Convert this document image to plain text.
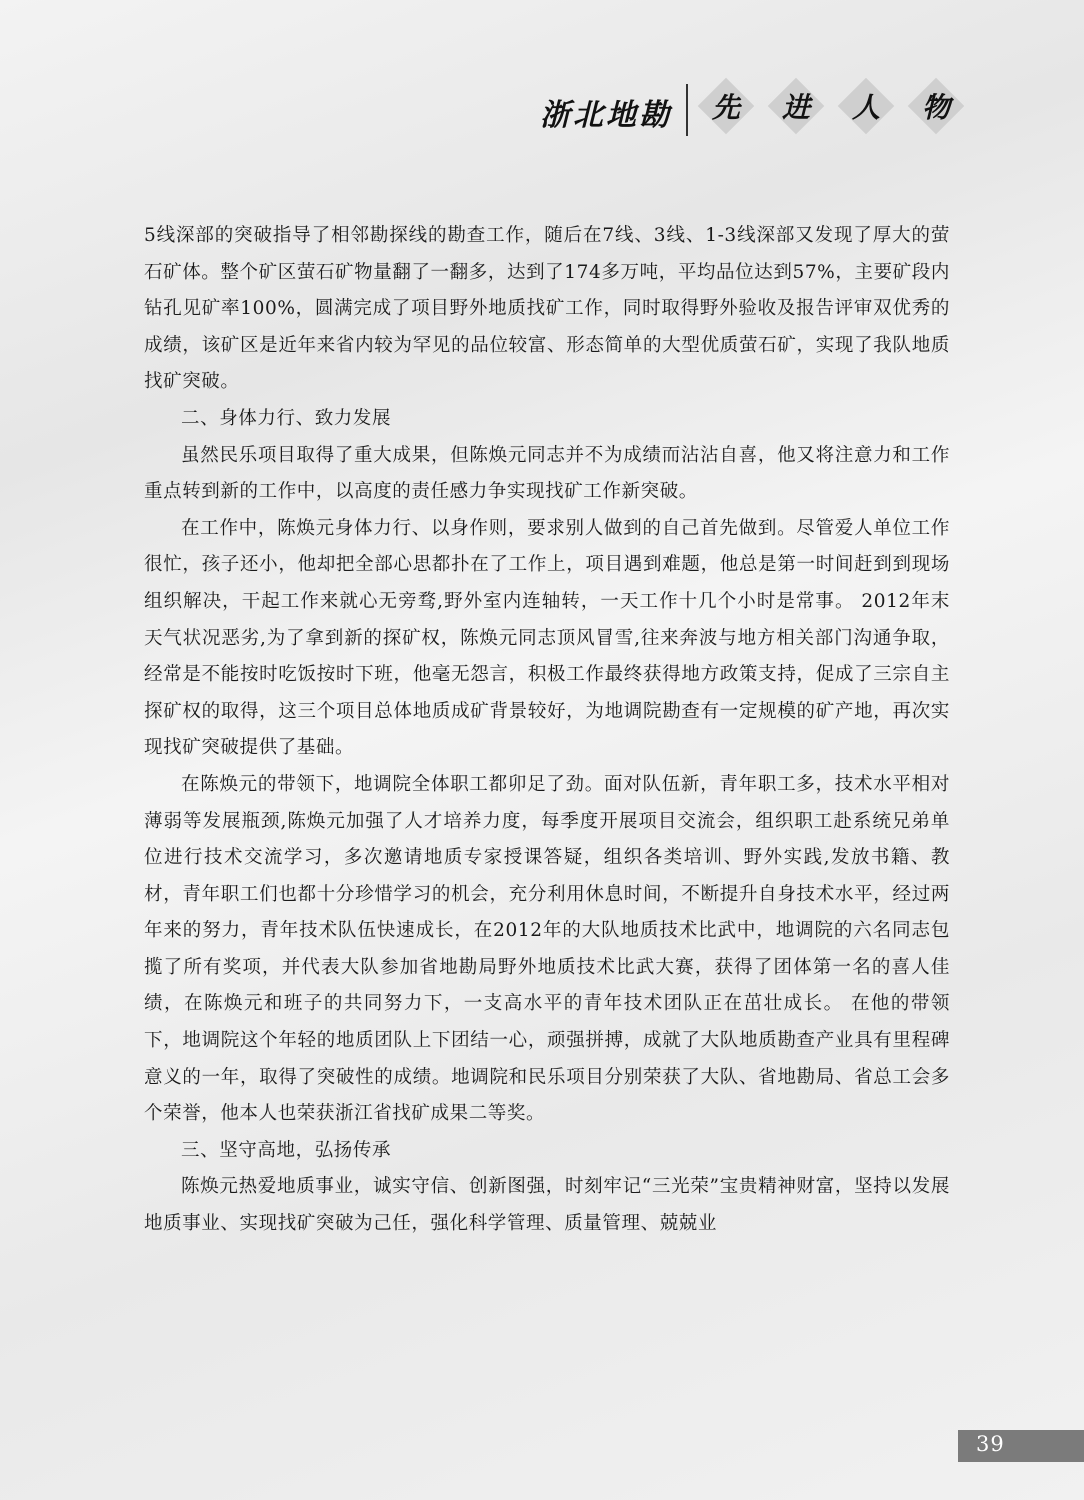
浙北地勘 先 进 人 物

5线深部的突破指导了相邻勘探线的勘查工作，随后在7线、3线、1-3线深部又发现了厚大的萤石矿体。整个矿区萤石矿物量翻了一翻多，达到了174多万吨，平均品位达到57%，主要矿段内钻孔见矿率100%，圆满完成了项目野外地质找矿工作，同时取得野外验收及报告评审双优秀的成绩，该矿区是近年来省内较为罕见的品位较富、形态简单的大型优质萤石矿，实现了我队地质找矿突破。

二、身体力行、致力发展

虽然民乐项目取得了重大成果，但陈焕元同志并不为成绩而沾沾自喜，他又将注意力和工作重点转到新的工作中，以高度的责任感力争实现找矿工作新突破。

在工作中，陈焕元身体力行、以身作则，要求别人做到的自己首先做到。尽管爱人单位工作很忙，孩子还小，他却把全部心思都扑在了工作上，项目遇到难题，他总是第一时间赶到到现场组织解决，干起工作来就心无旁骛,野外室内连轴转，一天工作十几个小时是常事。 2012年末天气状况恶劣,为了拿到新的探矿权，陈焕元同志顶风冒雪,往来奔波与地方相关部门沟通争取，经常是不能按时吃饭按时下班，他毫无怨言，积极工作最终获得地方政策支持，促成了三宗自主探矿权的取得，这三个项目总体地质成矿背景较好，为地调院勘查有一定规模的矿产地，再次实现找矿突破提供了基础。

在陈焕元的带领下，地调院全体职工都卯足了劲。面对队伍新，青年职工多，技术水平相对薄弱等发展瓶颈,陈焕元加强了人才培养力度，每季度开展项目交流会，组织职工赴系统兄弟单位进行技术交流学习，多次邀请地质专家授课答疑，组织各类培训、野外实践,发放书籍、教材，青年职工们也都十分珍惜学习的机会，充分利用休息时间，不断提升自身技术水平，经过两年来的努力，青年技术队伍快速成长，在2012年的大队地质技术比武中，地调院的六名同志包揽了所有奖项，并代表大队参加省地勘局野外地质技术比武大赛，获得了团体第一名的喜人佳绩，在陈焕元和班子的共同努力下，一支高水平的青年技术团队正在茁壮成长。 在他的带领下，地调院这个年轻的地质团队上下团结一心，顽强拼搏，成就了大队地质勘查产业具有里程碑意义的一年，取得了突破性的成绩。地调院和民乐项目分别荣获了大队、省地勘局、省总工会多个荣誉，他本人也荣获浙江省找矿成果二等奖。

三、坚守高地，弘扬传承

陈焕元热爱地质事业，诚实守信、创新图强，时刻牢记“三光荣”宝贵精神财富，坚持以发展地质事业、实现找矿突破为己任，强化科学管理、质量管理、兢兢业

39
